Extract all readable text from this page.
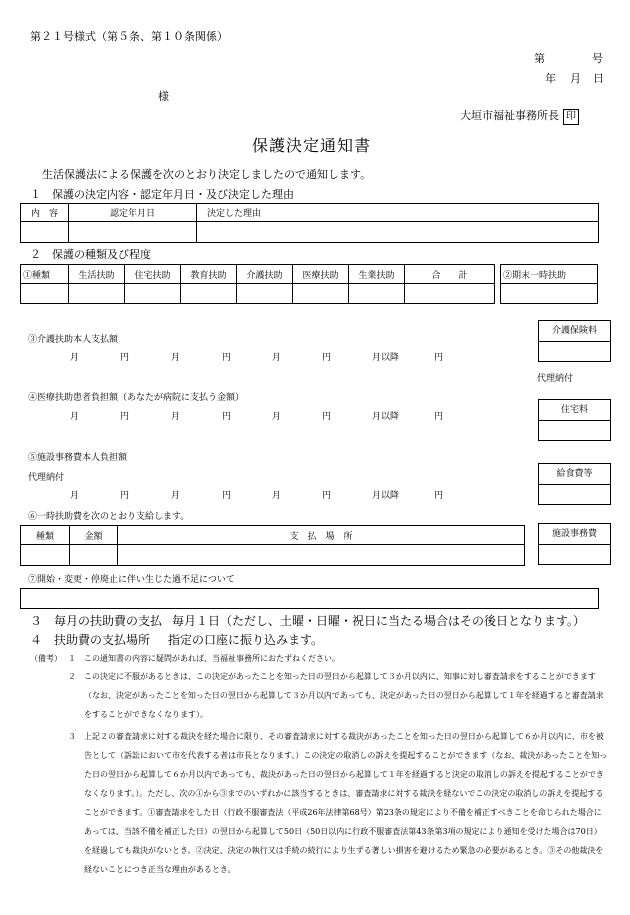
第２１号様式（第５条、第１０条関係）
第	号
年 月 日
様
大垣市福祉事務所長 印
保護決定通知書
生活保護法による保護を次のとおり決定しましたので通知します。
１　保護の決定内容・認定年月日・及び決定した理由
内　容	認定年月日	決定した理由

２　保護の種類及び程度
①種類	生活扶助	住宅扶助	教育扶助	介護扶助	医療扶助	生業扶助	合　　計
								②期末一時扶助

③介護扶助本人支払額
月	円	月	円	月	円	月以降	円
④医療扶助患者負担額（あなたが病院に支払う金額）
月	円	月	円	月	円	月以降	円
⑤施設事務費本人負担額
代理納付
月	円	月	円	月	円	月以降	円
介護保険料
代理納付
住宅料
給食費等
施設事務費
⑥一時扶助費を次のとおり支給します。
種類	金額	支　払　場　所

⑦開始・変更・停廃止に伴い生じた過不足について
３　毎月の扶助費の支払 毎月１日（ただし、土曜・日曜・祝日に当たる場合はその後日となります。）
４　扶助費の支払場所 指定の口座に振り込みます。
（備考） １ この通知書の内容に疑問があれば、当福祉事務所におたずねください。
２ この決定に不服があるときは、この決定があったことを知った日の翌日から起算して３か月以内に、知事に対し審査請求をすることができます（なお、決定があったことを知った日の翌日から起算して３か月以内であっても、決定があった日の翌日から起算して１年を経過すると審査請求をすることができなくなります）。
３ 上記２の審査請求に対する裁決を経た場合に限り、その審査請求に対する裁決があったことを知った日の翌日から起算して６か月以内に、市を被告として（訴訟において市を代表する者は市長となります。）この決定の取消しの訴えを提起することができます（なお、裁決があったことを知った日の翌日から起算して６か月以内であっても、裁決があった日の翌日から起算して１年を経過すると決定の取消しの訴えを提起することができなくなります。）。ただし、次の①から③までのいずれかに該当するときは、審査請求に対する裁決を経ないでこの決定の取消しの訴えを提起することができます。①審査請求をした日（行政不服審査法（平成26年法律第68号）第23条の規定により不備を補正すべきことを命じられた場合にあっては、当該不備を補正した日）の翌日から起算して50日（50日以内に行政不服審査法第43条第3項の規定により通知を受けた場合は70日）を経過しても裁決がないとき。②決定、決定の執行又は手続の続行により生ずる著しい損害を避けるため緊急の必要があるとき。③その他裁決を経ないことにつき正当な理由があるとき。
